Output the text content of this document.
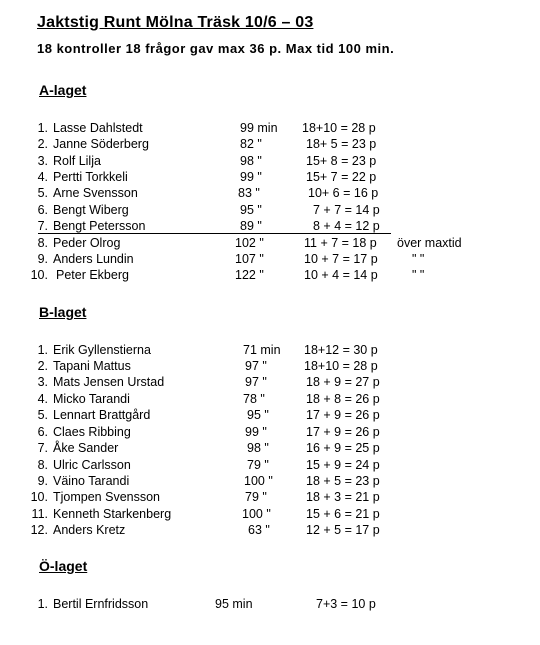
Jaktstig Runt Mölna Träsk 10/6 – 03
18 kontroller 18 frågor gav max 36 p. Max tid 100 min.
A-laget
1. Lasse Dahlstedt	99 min 18+10 = 28 p
2. Janne Söderberg	82 "	18+ 5 = 23 p
3. Rolf Lilja	98 "	15+ 8 = 23 p
4. Pertti Torkkeli	99 "	15+ 7 = 22 p
5. Arne Svensson	83 "	10+ 6 = 16 p
6. Bengt Wiberg	95 "	7 + 7 = 14 p
7. Bengt Petersson	89 "	8 + 4 = 12 p
8. Peder Olrog	102 "	11 + 7 = 18 p över maxtid
9. Anders Lundin	107 "	10 + 7 = 17 p	" "
10. Peter Ekberg	122 "	10 + 4 = 14 p	" "
B-laget
1. Erik Gyllenstierna	71 min 18+12 = 30 p
2. Tapani Mattus	97 "	18+10 = 28 p
3. Mats Jensen Urstad	97 "	18 + 9 = 27 p
4. Micko Tarandi	78 "	18 + 8 = 26 p
5. Lennart Brattgård	95 "	17 + 9 = 26 p
6. Claes Ribbing	99 "	17 + 9 = 26 p
7. Åke Sander	98 "	16 + 9 = 25 p
8. Ulric Carlsson	79 "	15 + 9 = 24 p
9. Väino Tarandi	100 "	18 + 5 = 23 p
10. Tjompen Svensson	79 "	18 + 3 = 21 p
11. Kenneth Starkenberg	100 "	15 + 6 = 21 p
12. Anders Kretz	63 "	12 + 5 = 17 p
Ö-laget
1. Bertil Ernfridsson	95 min	7+3 = 10 p
